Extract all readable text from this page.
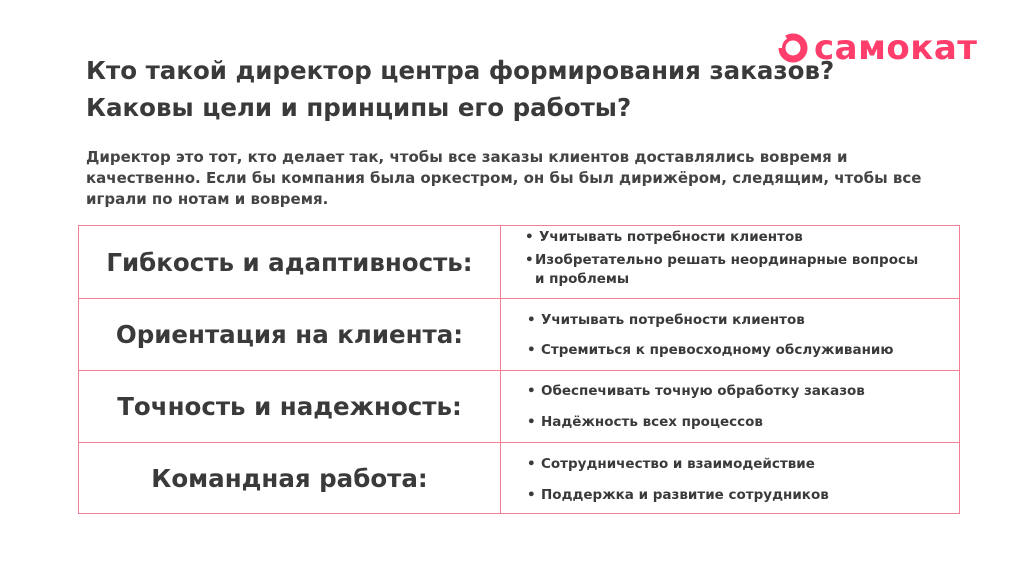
самокат
Кто такой директор центра формирования заказов?
Каковы цели и принципы его работы?

Директор это тот, кто делает так, чтобы все заказы клиентов доставлялись вовремя и качественно. Если бы компания была оркестром, он бы был дирижёром, следящим, чтобы все играли по нотам и вовремя.

Гибкость и адаптивность:
• Учитывать потребности клиентов
•Изобретательно решать неординарные вопросы
и проблемы
Ориентация на клиента:	• Учитывать потребности клиентов
• Стремиться к превосходному обслуживанию
Точность и надежность:
• Обеспечивать точную обработку заказов
• Надёжность всех процессов
Командная работа:	• Сотрудничество и взаимодействие
• Поддержка и развитие сотрудников
